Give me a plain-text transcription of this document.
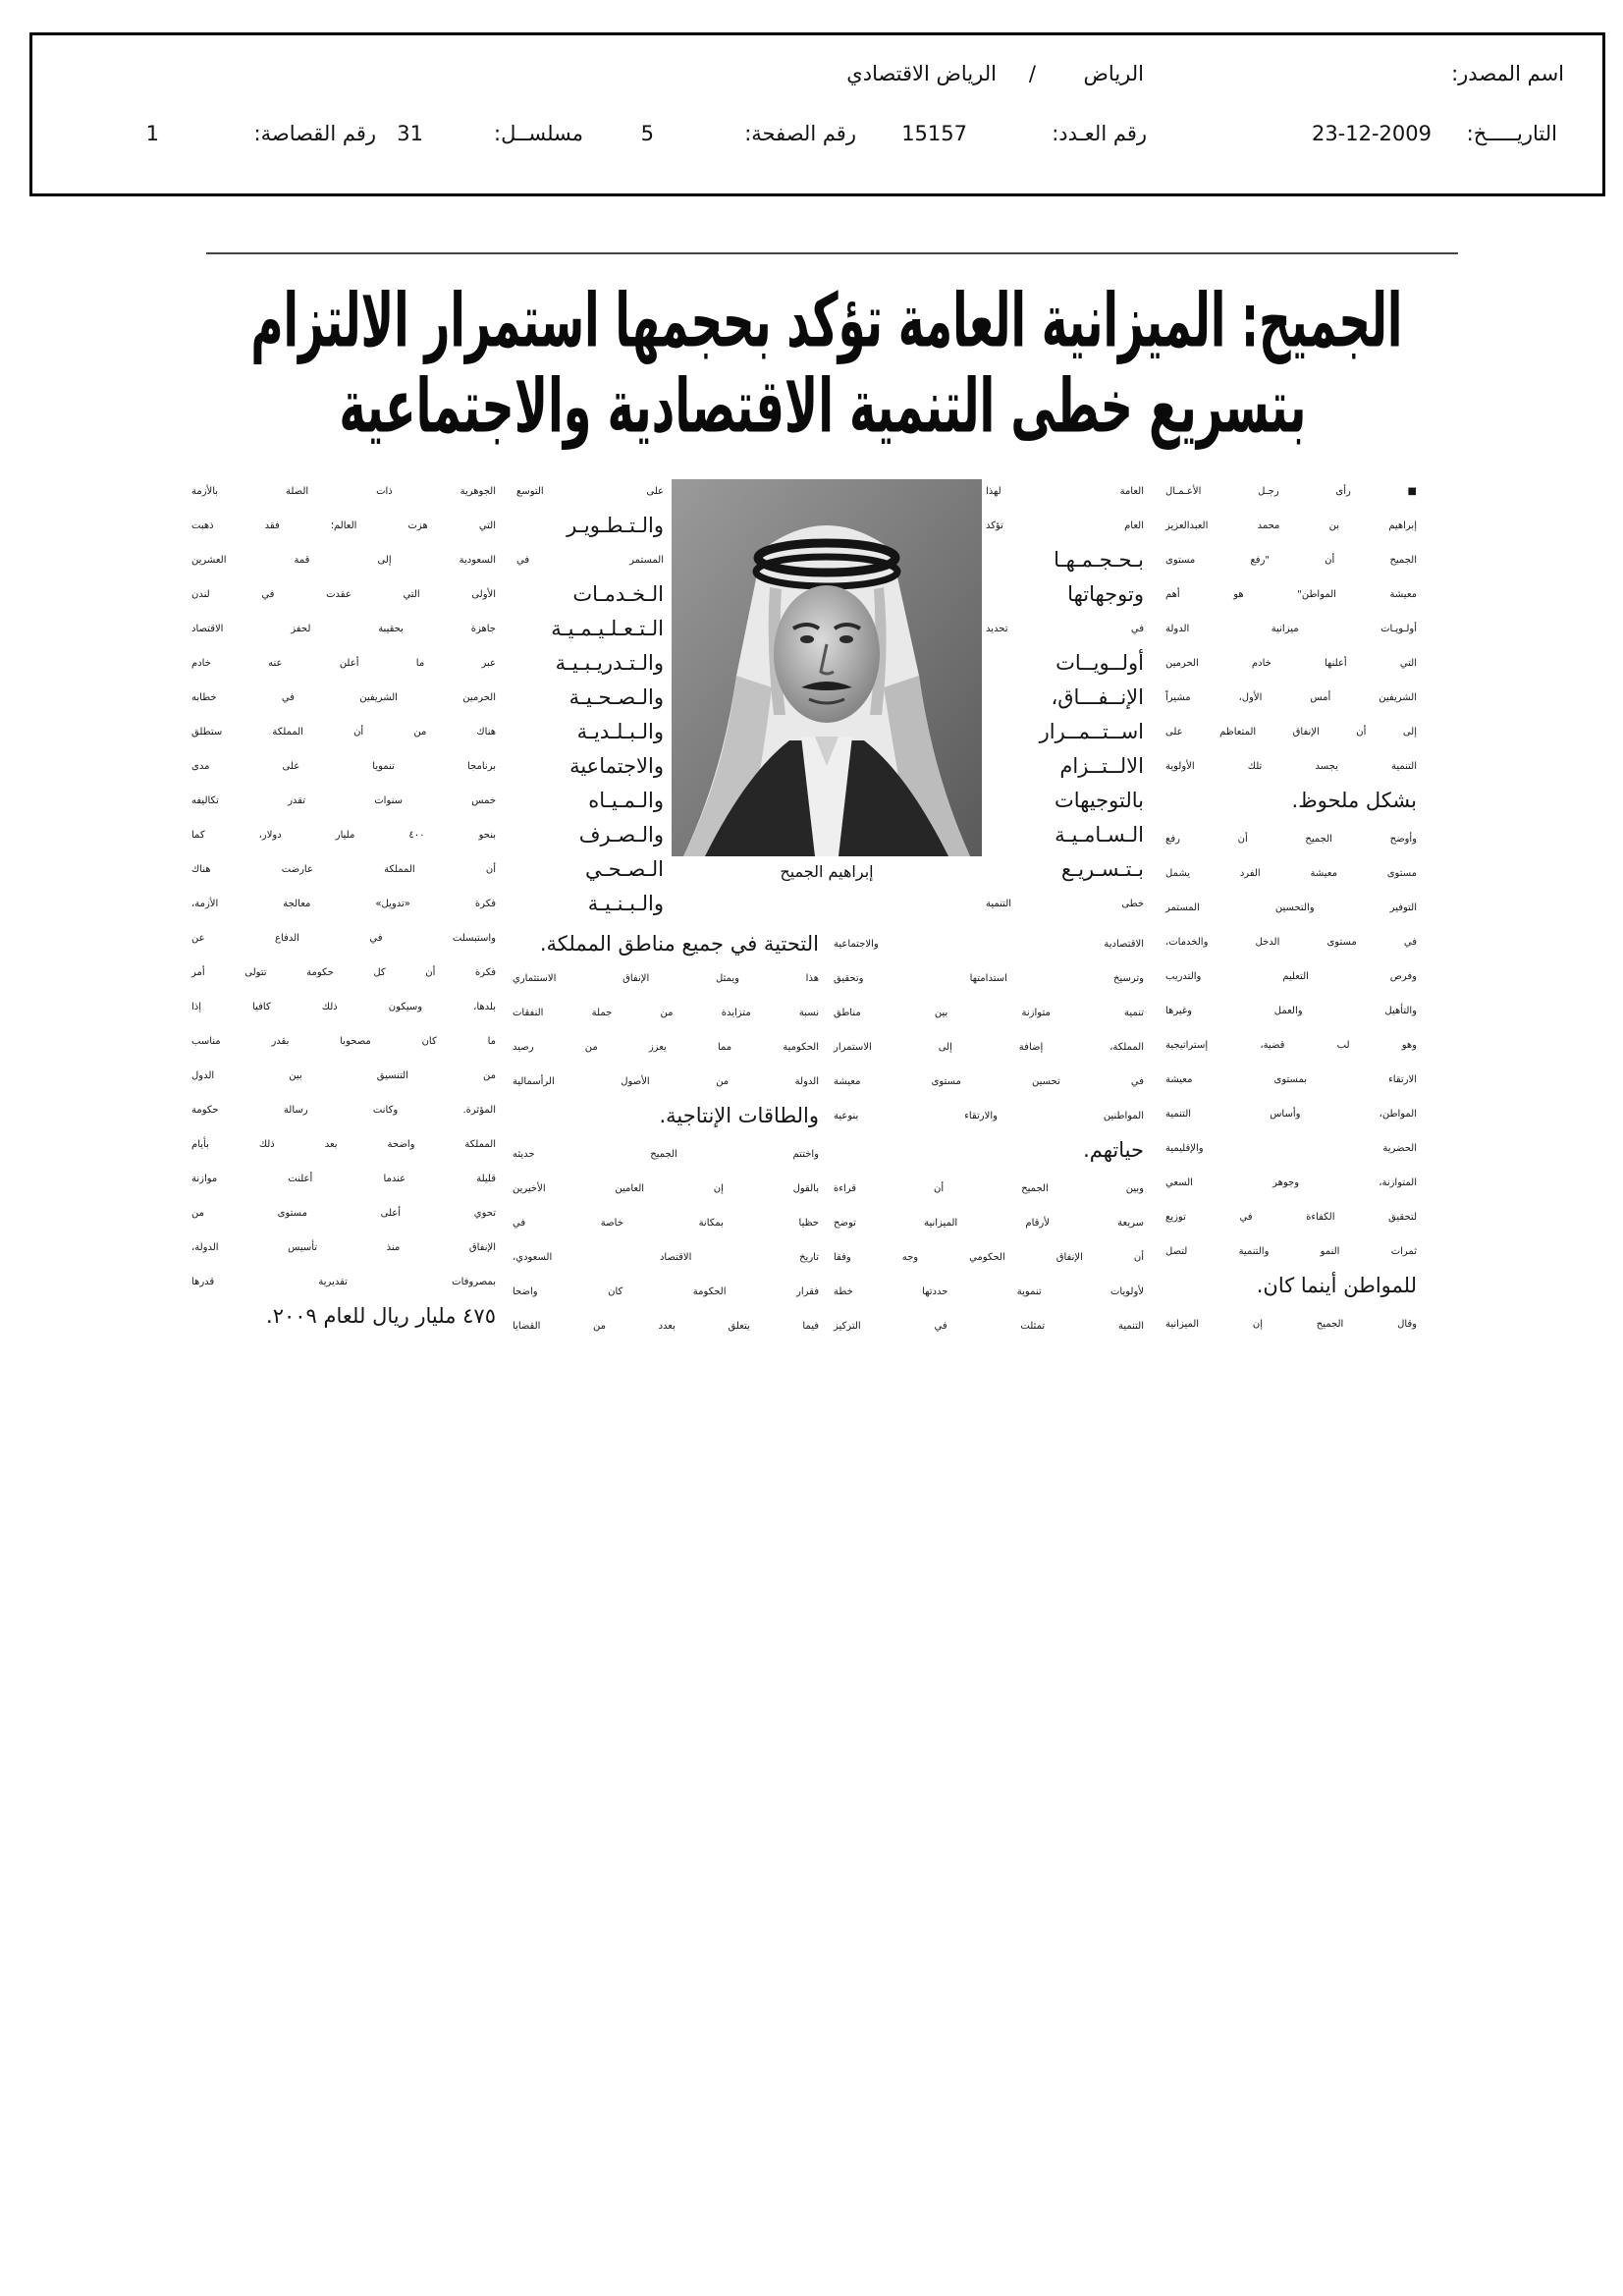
اسم المصدر:
الرياض
/
الرياض الاقتصادي
التاريـــــخ:
23-12-2009
رقم العـدد:
15157
رقم الصفحة:
5
مسلســل:
31
رقم القصاصة:
1
الجميح: الميزانية العامة تؤكد بحجمها استمرار الالتزام
بتسريع خطى التنمية الاقتصادية والاجتماعية
■ رأى رجـل الأعـمـال
إبراهيم بن محمد العبدالعزيز
الجميح أن "رفع مستوى
معيشة المواطن" هو أهم
أولـويـات ميزانية الدولة
التي أعلنها خادم الحرمين
الشريفين أمس الأول، مشيراً
إلى أن الإنفاق المتعاظم على
التنمية يجسد تلك الأولوية
بشكل ملحوظ.
وأوضح الجميح أن رفع
مستوى معيشة الفرد يشمل
التوفير والتحسين المستمر
في مستوى الدخل والخدمات،
وفرص التعليم والتدريب
والتأهيل والعمل وغيرها
وهو لب قضية، إستراتيجية
الارتقاء بمستوى معيشة
المواطن، وأساس التنمية
الحضرية والإقليمية
المتوازنة، وجوهر السعي
لتحقيق الكفاءة في توزيع
ثمرات النمو والتنمية لتصل
للمواطن أينما كان.
وقال الجميح إن الميزانية
العامة لهذا
العام تؤكد
بـحـجـمـهـا
وتوجهاتها
في تحديد
أولــويــات
الإنــفـــاق،
اســتــمــرار
الالــتــزام
بالتوجيهات
الـسـامـيـة
بـتـسـريـع
خطى التنمية
الاقتصادية والاجتماعية
وترسيخ استدامتها وتحقيق
تنمية متوازنة بين مناطق
المملكة، إضافة إلى الاستمرار
في تحسين مستوى معيشة
المواطنين والارتقاء بنوعية
حياتهم.
وبين الجميح أن قراءة
سريعة لأرقام الميزانية توضح
أن الإنفاق الحكومي وجه وفقا
لأولويات تنموية حددتها خطة
التنمية تمثلت في التركيز
على التوسع
والـتـطـويـر
المستمر في
الـخـدمـات
الـتـعـلـيـمـيـة
والـتـدريـبـيـة
والـصـحـيـة
والـبـلـديـة
والاجتماعية
والـمـيـاه
والـصـرف
الـصـحـي
والـبـنـيـة
التحتية في جميع مناطق المملكة.
هذا ويمثل الإنفاق الاستثماري
نسبة متزايدة من جملة النفقات
الحكومية مما يعزز من رصيد
الدولة من الأصول الرأسمالية
والطاقات الإنتاجية.
واختتم الجميح حديثه
بالقول إن العامين الأخيرين
حظيا بمكانة خاصة في
تاريخ الاقتصاد السعودي،
فقرار الحكومة كان واضحا
فيما يتعلق بعدد من القضايا
الجوهرية ذات الصلة بالأزمة
التي هزت العالم؛ فقد ذهبت
السعودية إلى قمة العشرين
الأولى التي عقدت في لندن
جاهزة بحقيبة لحفز الاقتصاد
عبر ما أعلن عنه خادم
الحرمين الشريفين في خطابه
هناك من أن المملكة ستطلق
برنامجا تنمويا على مدى
خمس سنوات تقدر تكاليفه
بنحو ٤٠٠ مليار دولار، كما
أن المملكة عارضت هناك
فكرة «تدويل» معالجة الأزمة،
واستبسلت في الدفاع عن
فكرة أن كل حكومة تتولى أمر
بلدها، وسيكون ذلك كافيا إذا
ما كان مصحوبا بقدر مناسب
من التنسيق بين الدول
المؤثرة. وكانت رسالة حكومة
المملكة واضحة بعد ذلك بأيام
قليلة عندما أعلنت موازنة
تحوي أعلى مستوى من
الإنفاق منذ تأسيس الدولة،
بمصروفات تقديرية قدرها
٤٧٥ مليار ريال للعام ٢٠٠٩.
إبراهيم الجميح
